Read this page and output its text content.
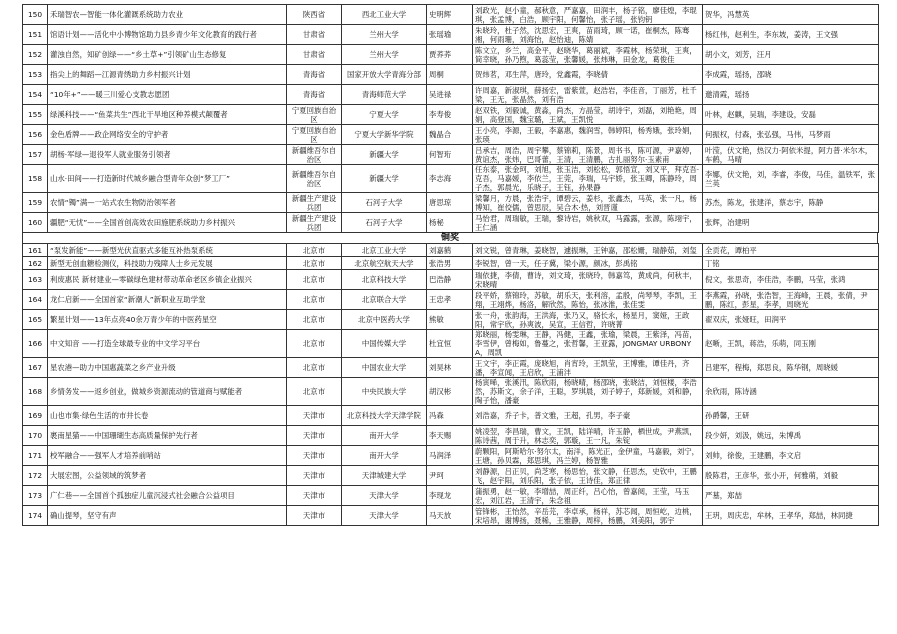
150	禾瑞智农—智能一体化灌溉系统助力农业	陕西省	西北工业大学	史明辉	刘政光，赵小童，郝秋意，严嘉嘉，田润丰，杨子铭，廖佳煌，李琨琪，张孟博，白浩，顾宇阳，何馨怡，张子瑶，张钧钥	贺华，冯慧英
151	馆语计划——活化中小博物馆助力县乡青少年文化教育的践行者	甘肃省	兰州大学	张瑶瑜	朱晓玲，杜子然，沈思宏，王爽，苗雨琦，顾一诺，崔桐杰，陈骞湘，何雨珊，刘海怡，赵怡迪，陈婧	杨红伟，赵利生，李东坡，姜涛，王文强
152	灌浊自然，知矿创绿——“乡土草+”引领矿山生态修复	甘肃省	兰州大学	贾荞荞	陈文立，乡兰，高金平，赵晓华，葛丽斌，李霞林，杨荣琪，王爽，简幸晓，孙乃煦，葛蕊莹，张馨媛，张炜琳，田金龙，葛俊佳	胡小文，刘芳，汪月
153	指尖上的舞蹈—江源青绣助力乡村振兴计划	青海省	国家开放大学青海分部	周桐	贺炜茗，邓生萍，唐玲，党鑫霞，李晓倩	李成霞，瑶扬，邵晓
154	“10年+”——暖三川爱心支教志愿团	青海省	青海师范大学	吴进禄	许周嘉，新淑琪，薛扬宏，雷紫萱，赵浩岩，李佳音，丁丽芳，杜千梁，王无，张晶然，刘有浩	邀清霞，瑶扬
155	绿溪科技——“鱼菜共生”西北干旱地区种养模式颠覆者	宁夏回族自治区	宁夏大学	李寿俊	赵双铁，刘毅诚，黄淼，尚杰，方晶莹，胡诗宇，刘磊，刘艳艳，周娟，高登国，魏宝璐，王斌，王凯悦	叶林，赵麒，吴瑞，李建设，安磊
156	金色盾牌——政企网络安全的守护者	宁夏回族自治区	宁夏大学新华学院	魏晶合	王小亮，李源，王毅，李嘉惠，魏润雪，韩婷阳，杨秀娥，张玲娟，张瑛	何振权，付森，张弘强，马伟，马梦雨
157	胡杨·军绿—退役军人就业服务引领者	新疆维吾尔自治区	新疆大学	何智珩	吕承吉，周浩，周宇攀，蔡锦莉，陈景，周书书，陈可源，尹嘉婷，黄谊杰，张炜，巴哥蕾，王清，王清鹏，古扎丽努尔·玉素甫	叶滢，伏文艳，热汉力·阿依米提，阿力普·米尔木，车鹤，马晴
158	山水·田间——打造新时代城乡融合型青年众创“梦工厂”	新疆维吾尔自治区	新疆大学	李志海	任东泰，张金珂，刘旭，张玉洁，刘松松，郭悟宣，刘又平，拜克吾·克吾，马嘉媛，李依兰，王莞，李瑞，马宇娇，张玉卿，陈静玲，周子杰，郭晨光，乐晓子，王钰，孙果静	李娜，伏文艳，刘，李睿，李俊，马佳，温铁军，张兰英
159	农情“镯”满—一站式农生物防治领军者	新疆生产建设兵团	石河子大学	唐思琼	梁馨月，方晨，张浩宇，谭碧云，姜杉，张鑫杰，马英，张一凡，杨博知，崔佼儒，曾思辰，吴合木·热，刘晋谨	苏杰，陈龙，张建洋，蔡志宇，陈静
160	疆肥“无忧”——全国首创高效农田施肥系统助力乡村振兴	新疆生产建设兵团	石河子大学	杨秘	马怡君，周瑞敏，王瑞，黎诗岩，姚秋双，马露露，张源，陈翊宇，王仁涵	张辉，冶建明
铜奖
161	“泵发新能”——新型光伏直驱式多能互补热泵系统	北京市	北京工业大学	刘嘉鹤	刘文锐，曾青琳，姜晓智，遽振琳，王钟嘉，邵松姗，瑞静茹，刘玺	全贡花，谭柏平
162	新型无创血糖检测仪，科技助力残障人士乡元发展	北京市	北京航空航天大学	张浩男	李锐智，曾一天，任子冀，梁小源，颜冰，彭禹铭	丁铭
163	利废惠民 新材建业—零碳绿色建材带动革命老区乡镇企业振兴	北京市	北京科技大学	巴浩静	瑞依捷，李倩，曹诗，刘文琦，张晓玲，韩嘉笃，黄成尚，何秋丰，宋晓晴	倪文，张思奇，李佳浩，李鹏，马莹，张鸿
164	龙仁启新——全国首家“新潮人”新职业互助学堂	北京市	北京联合大学	王忠孝	段平娇，蔡锦玲，苏敏，胡乐天，张利溶，孟殷，尚琴琴，李凯，王翔，王翊烨，杨洛，解欣然，陈怡，张冰淮，张佳雯	李燕霞，孙晓，张浩智，王海峰，王晨，张倩，尹鹏，陈红，彭星，李孝，周晓光
165	繁星计划——13年点亮40余万青少年的中医药星空	北京市	北京中医药大学	熊敏	张一舟，张韵海，王洪海，张乃又，骆长永，杨星月，窦娅，王政阳，常宇欣，孙爽波，吴宣，王信哲，许晓菁	翟双庆，张娅旺，田润平
166	中文知音 ——打造全球最专业的中文学习平台	北京市	中国传媒大学	杜宜恒	郑晓丽，杨雯琳，王静，冯健，王鑫，张瑜，梁晨，王紫泽，冯苗，李雪伊，曾梅如，鲁蔓之，张哲馨，王亚露，JONGMAY URBONYA，周凯	赵晰，王凯，蒋浩，乐萌，同玉刚
167	星农港—助力中国惠蔬菜之乡产业升级	北京市	中国农业大学	刘昊林	王文宇，李正霞，庞晓旭，肖宵玲，王凯莹，王博雅，谭佳丹，齐潘，李宣闻，王启欣，王浦沣	吕建军，程梅，郑思良，陈华钢，周晓媛
168	乡情务发——返乡创业，做城乡资源流动的管道商与赋能者	北京市	中央民族大学	胡汉彬	杨寅晞，张溪汛，陈欣雨，杨晓晴，杨邵晓，张晓洁，刘恒楼，李浩然，苏斯文，余子洋，王聪，罗琪晨，刘子婷子，郑新媛，刘和静，陶子怡，潘豪	余欣雨，陈诗涵
169	山也市集·绿色生活的市井长卷	天津市	北京科技大学天津学院	冯森	刘浩嘉，乔子卡，普文雅，王超，孔男，李子豪	孙爵馨，王研
170	裹南星猫——中国珊瑚生态高质量保护先行者	天津市	南开大学	李天赐	姚凌翌，李昌瑞，曹文，王凯，陆详晴，许玉静，栖世成，尹燕凯，陈诗茜，周于升，林志奕，郭璇，王一凡，朱锭	段少妍，刘汲，姚远，朱博禹
171	校军融合——强军人才培养前哨站	天津市	南开大学	马润泽	蔚颗阳，阿斯哈尔·努尔太，南洋，陈光正，金伊童，马嘉毅，刘宁，王塘，孙贝霖，郑思琪，冯兰婷，杨智雅	刘帅，徐俊，王建鹏，李文启
172	大展宏图，公益领域的筑梦者	天津市	天津城建大学	尹珂	刘静源，吕正贝，尚芝寒，杨思怡，张文静，任思杰，史钦中，王鹏飞，赵宇阳，刘乐阳，张子依，王诗佳，郑正律	殷陈君，王彦华，张小开，何雅萌，刘毅
173	广仁巷——全国首个孤独症儿童沉浸式社会融合公益项目	天津市	天津大学	李现龙	蒲振勇，赵一敏，李增喆，周正纤，吕心怡，曾嘉阅，王莹，马玉宏，刘江岩，王清宇，朱念祖	严墓，郑喆
174	确山提琴，坚守有声	天津市	天津大学	马天放	管锋彬，王怡然，辛岳芫，李卓承，杨祥，苏芯闻，周恒屹，边桃，宋培昂，谢博扬，聂稀，王雅静，周梓，杨鹏，刘美阳，郭宇	王玥，周庆忠，牟林，王孝华，郑喆，林同捷
